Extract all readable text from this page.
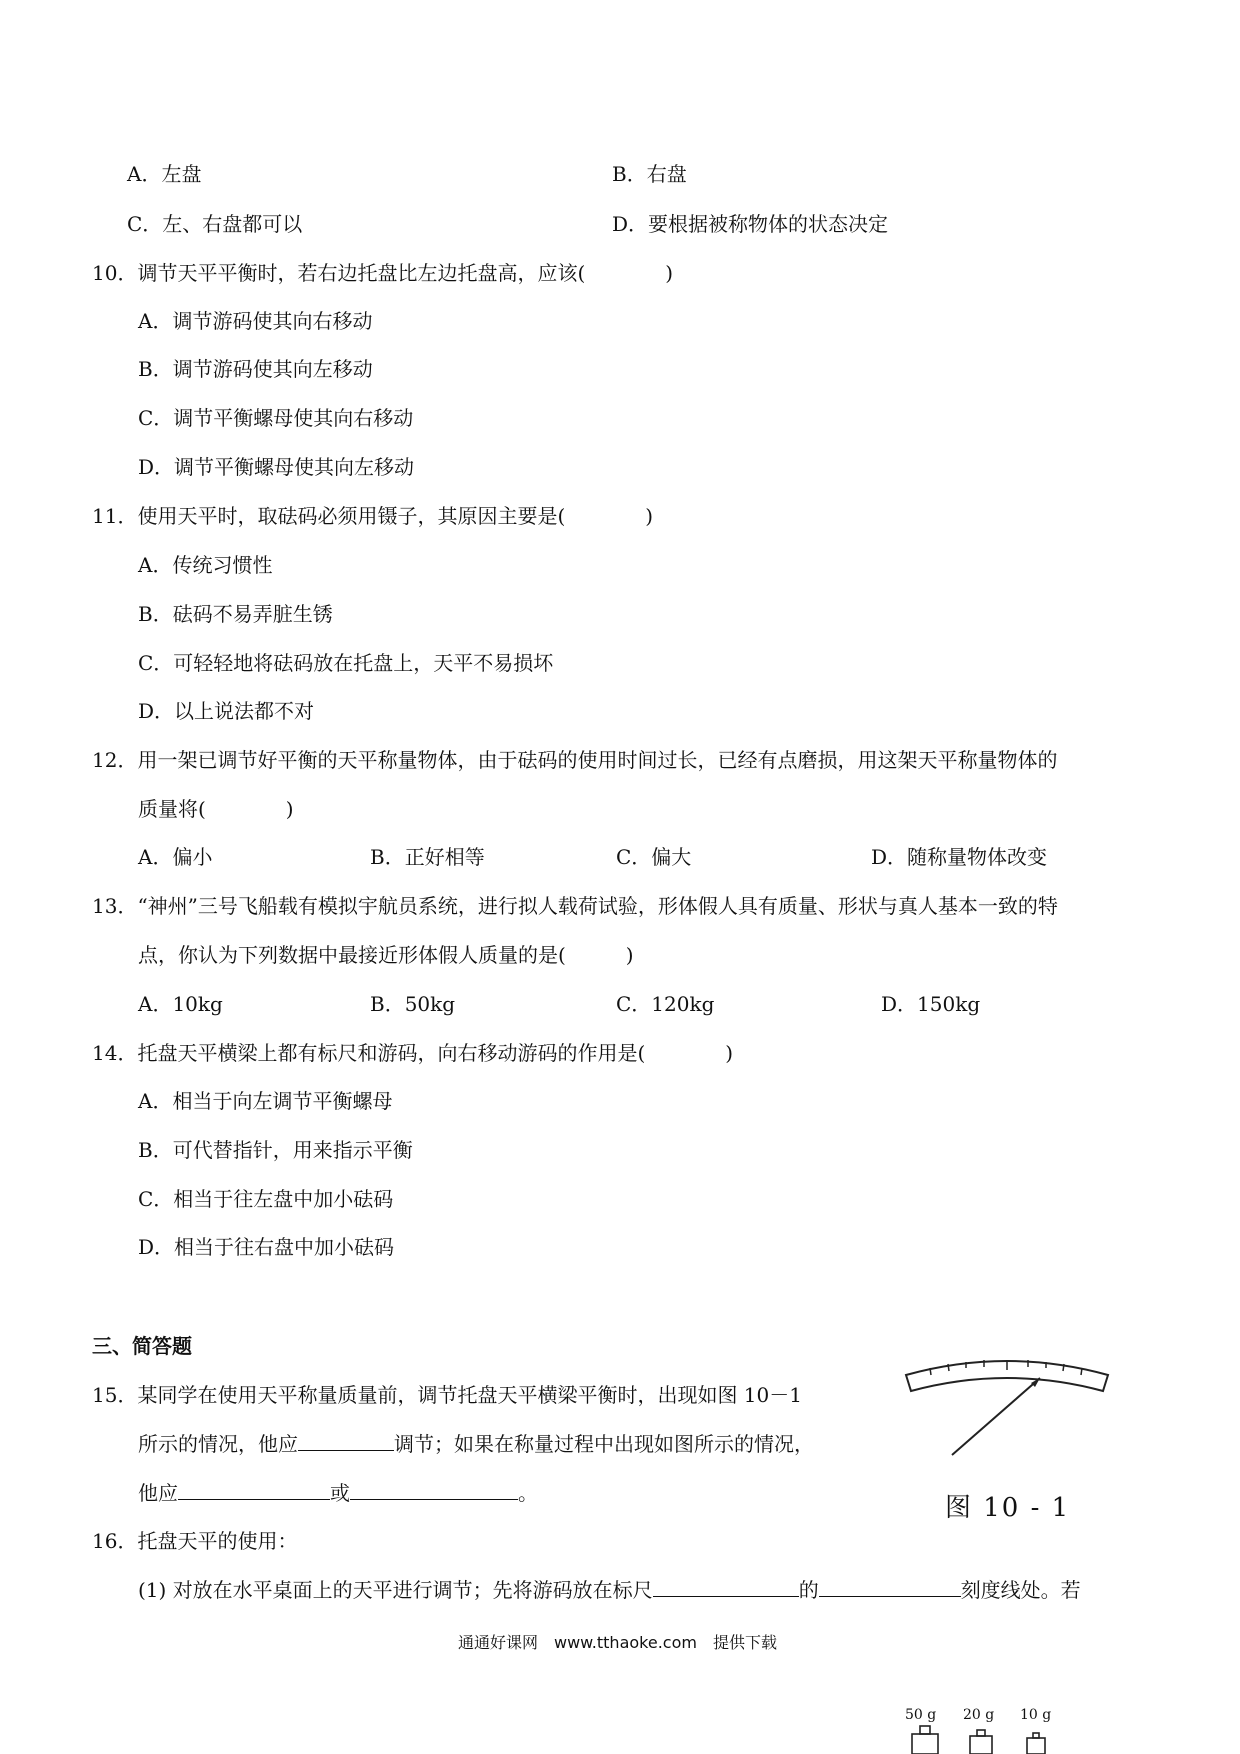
A．左盘	B．右盘
C．左、右盘都可以	D．要根据被称物体的状态决定
10．调节天平平衡时，若右边托盘比左边托盘高，应该(　　　　)
A．调节游码使其向右移动
B．调节游码使其向左移动
C．调节平衡螺母使其向右移动
D．调节平衡螺母使其向左移动
11．使用天平时，取砝码必须用镊子，其原因主要是(　　　　)
A．传统习惯性
B．砝码不易弄脏生锈
C．可轻轻地将砝码放在托盘上，天平不易损坏
D．以上说法都不对
12．用一架已调节好平衡的天平称量物体，由于砝码的使用时间过长，已经有点磨损，用这架天平称量物体的
质量将(　　　　)
A．偏小	B．正好相等	C．偏大	D．随称量物体改变
13．“神州”三号飞船载有模拟宇航员系统，进行拟人载荷试验，形体假人具有质量、形状与真人基本一致的特
点，你认为下列数据中最接近形体假人质量的是(　　　)
A．10kg	B．50kg	C．120kg	D．150kg
14．托盘天平横梁上都有标尺和游码，向右移动游码的作用是(　　　　)
A．相当于向左调节平衡螺母
B．可代替指针，用来指示平衡
C．相当于往左盘中加小砝码
D．相当于往右盘中加小砝码
三、简答题
15．某同学在使用天平称量质量前，调节托盘天平横梁平衡时，出现如图 10－1
所示的情况，他应	调节；如果在称量过程中出现如图所示的情况，
他应	或	。	图 10 - 1
16．托盘天平的使用：
(1) 对放在水平桌面上的天平进行调节；先将游码放在标尺	的	刻度线处。若
通通好课网　www.tthaoke.com　提供下载
50 g 20 g 10 g
